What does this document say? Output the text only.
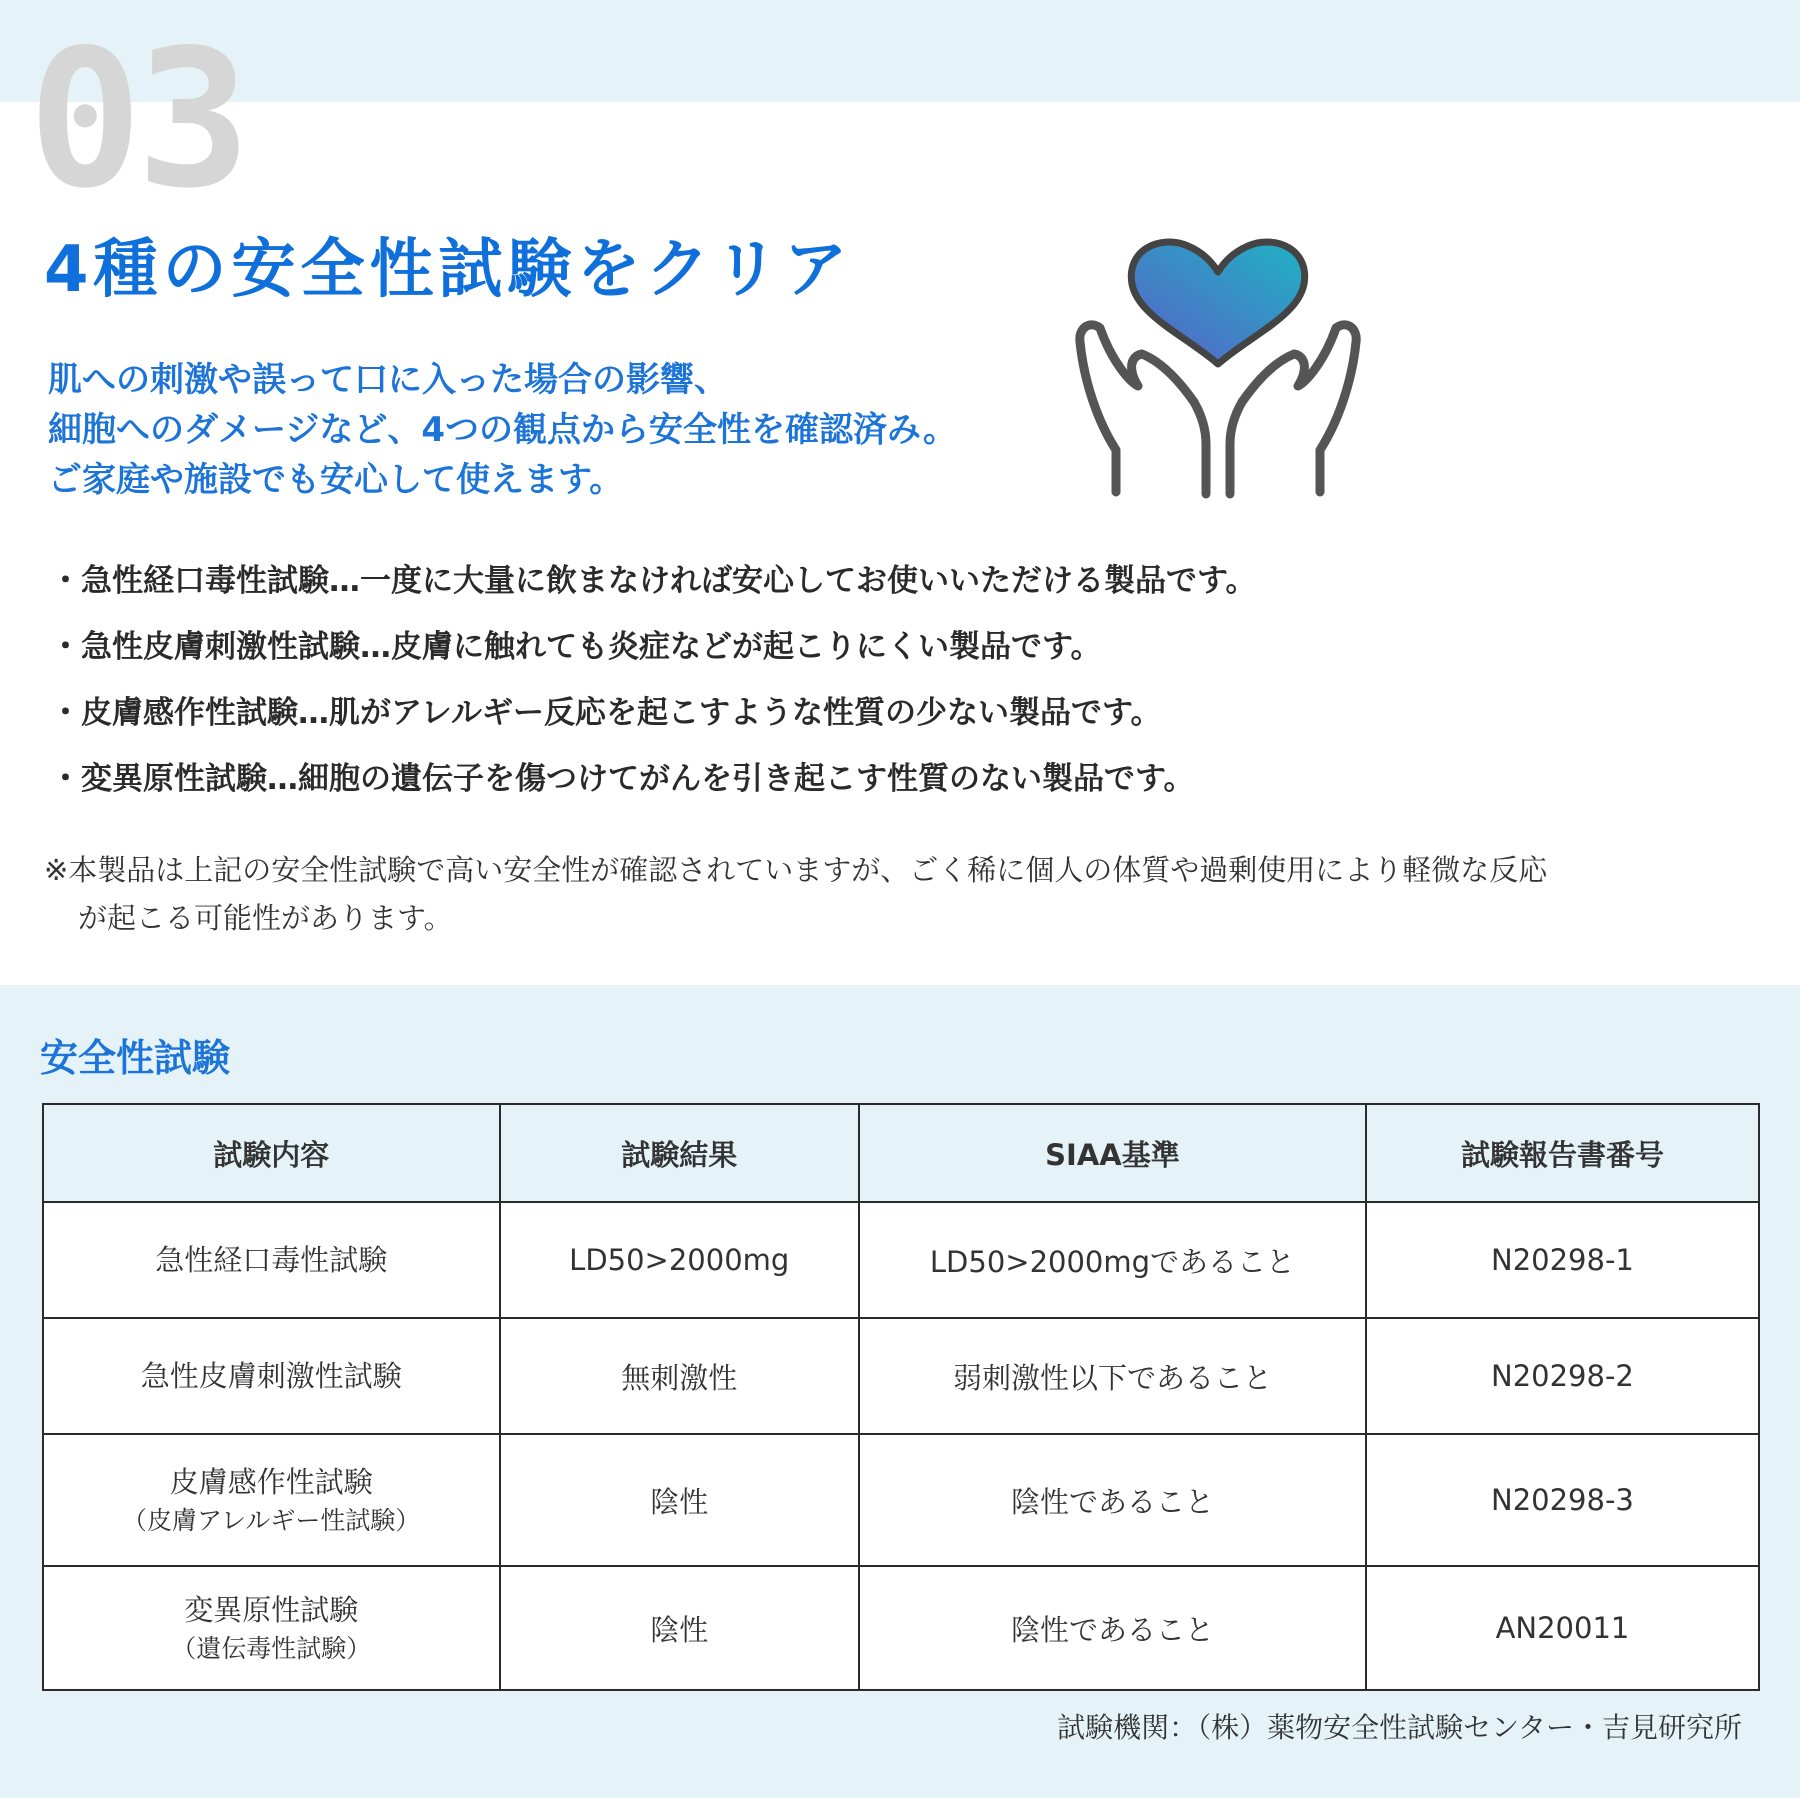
03
4種の安全性試験をクリア
肌への刺激や誤って口に入った場合の影響、
細胞へのダメージなど、4つの観点から安全性を確認済み。
ご家庭や施設でも安心して使えます。
・急性経口毒性試験…一度に大量に飲まなければ安心してお使いいただける製品です。
・急性皮膚刺激性試験…皮膚に触れても炎症などが起こりにくい製品です。
・皮膚感作性試験…肌がアレルギー反応を起こすような性質の少ない製品です。
・変異原性試験…細胞の遺伝子を傷つけてがんを引き起こす性質のない製品です。
※本製品は上記の安全性試験で高い安全性が確認されていますが、ごく稀に個人の体質や過剰使用により軽微な反応
が起こる可能性があります。
安全性試験
試験内容	試験結果	SIAA基準	試験報告書番号

急性経口毒性試験	LD50>2000mg	LD50>2000mgであること	N20298-1

急性皮膚刺激性試験	無刺激性	弱刺激性以下であること	N20298-2

皮膚感作性試験
（皮膚アレルギー性試験）	陰性	陰性であること	N20298-3

変異原性試験
（遺伝毒性試験）	陰性	陰性であること	AN20011
試験機関：（株）薬物安全性試験センター・吉見研究所
